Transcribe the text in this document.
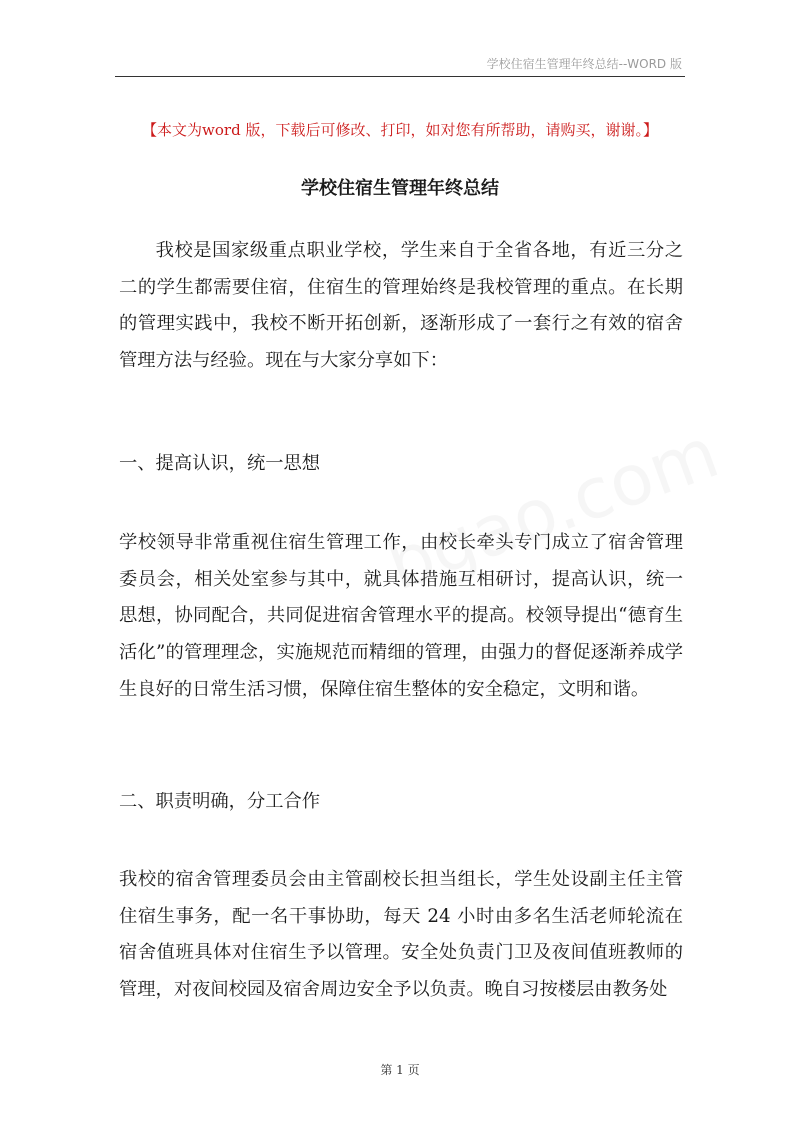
学校住宿生管理年终总结--WORD 版
【本文为word 版，下载后可修改、打印，如对您有所帮助，请购买，谢谢。】
学校住宿生管理年终总结

我校是国家级重点职业学校，学生来自于全省各地，有近三分之二的学生都需要住宿，住宿生的管理始终是我校管理的重点。在长期的管理实践中，我校不断开拓创新，逐渐形成了一套行之有效的宿舍管理方法与经验。现在与大家分享如下：

一、提高认识，统一思想

学校领导非常重视住宿生管理工作，由校长牵头专门成立了宿舍管理委员会，相关处室参与其中，就具体措施互相研讨，提高认识，统一思想，协同配合，共同促进宿舍管理水平的提高。校领导提出“德育生活化”的管理理念，实施规范而精细的管理，由强力的督促逐渐养成学生良好的日常生活习惯，保障住宿生整体的安全稳定，文明和谐。

二、职责明确，分工合作

我校的宿舍管理委员会由主管副校长担当组长，学生处设副主任主管住宿生事务，配一名干事协助，每天 24 小时由多名生活老师轮流在宿舍值班具体对住宿生予以管理。安全处负责门卫及夜间值班教师的管理，对夜间校园及宿舍周边安全予以负责。晚自习按楼层由教务处

第 1 页
